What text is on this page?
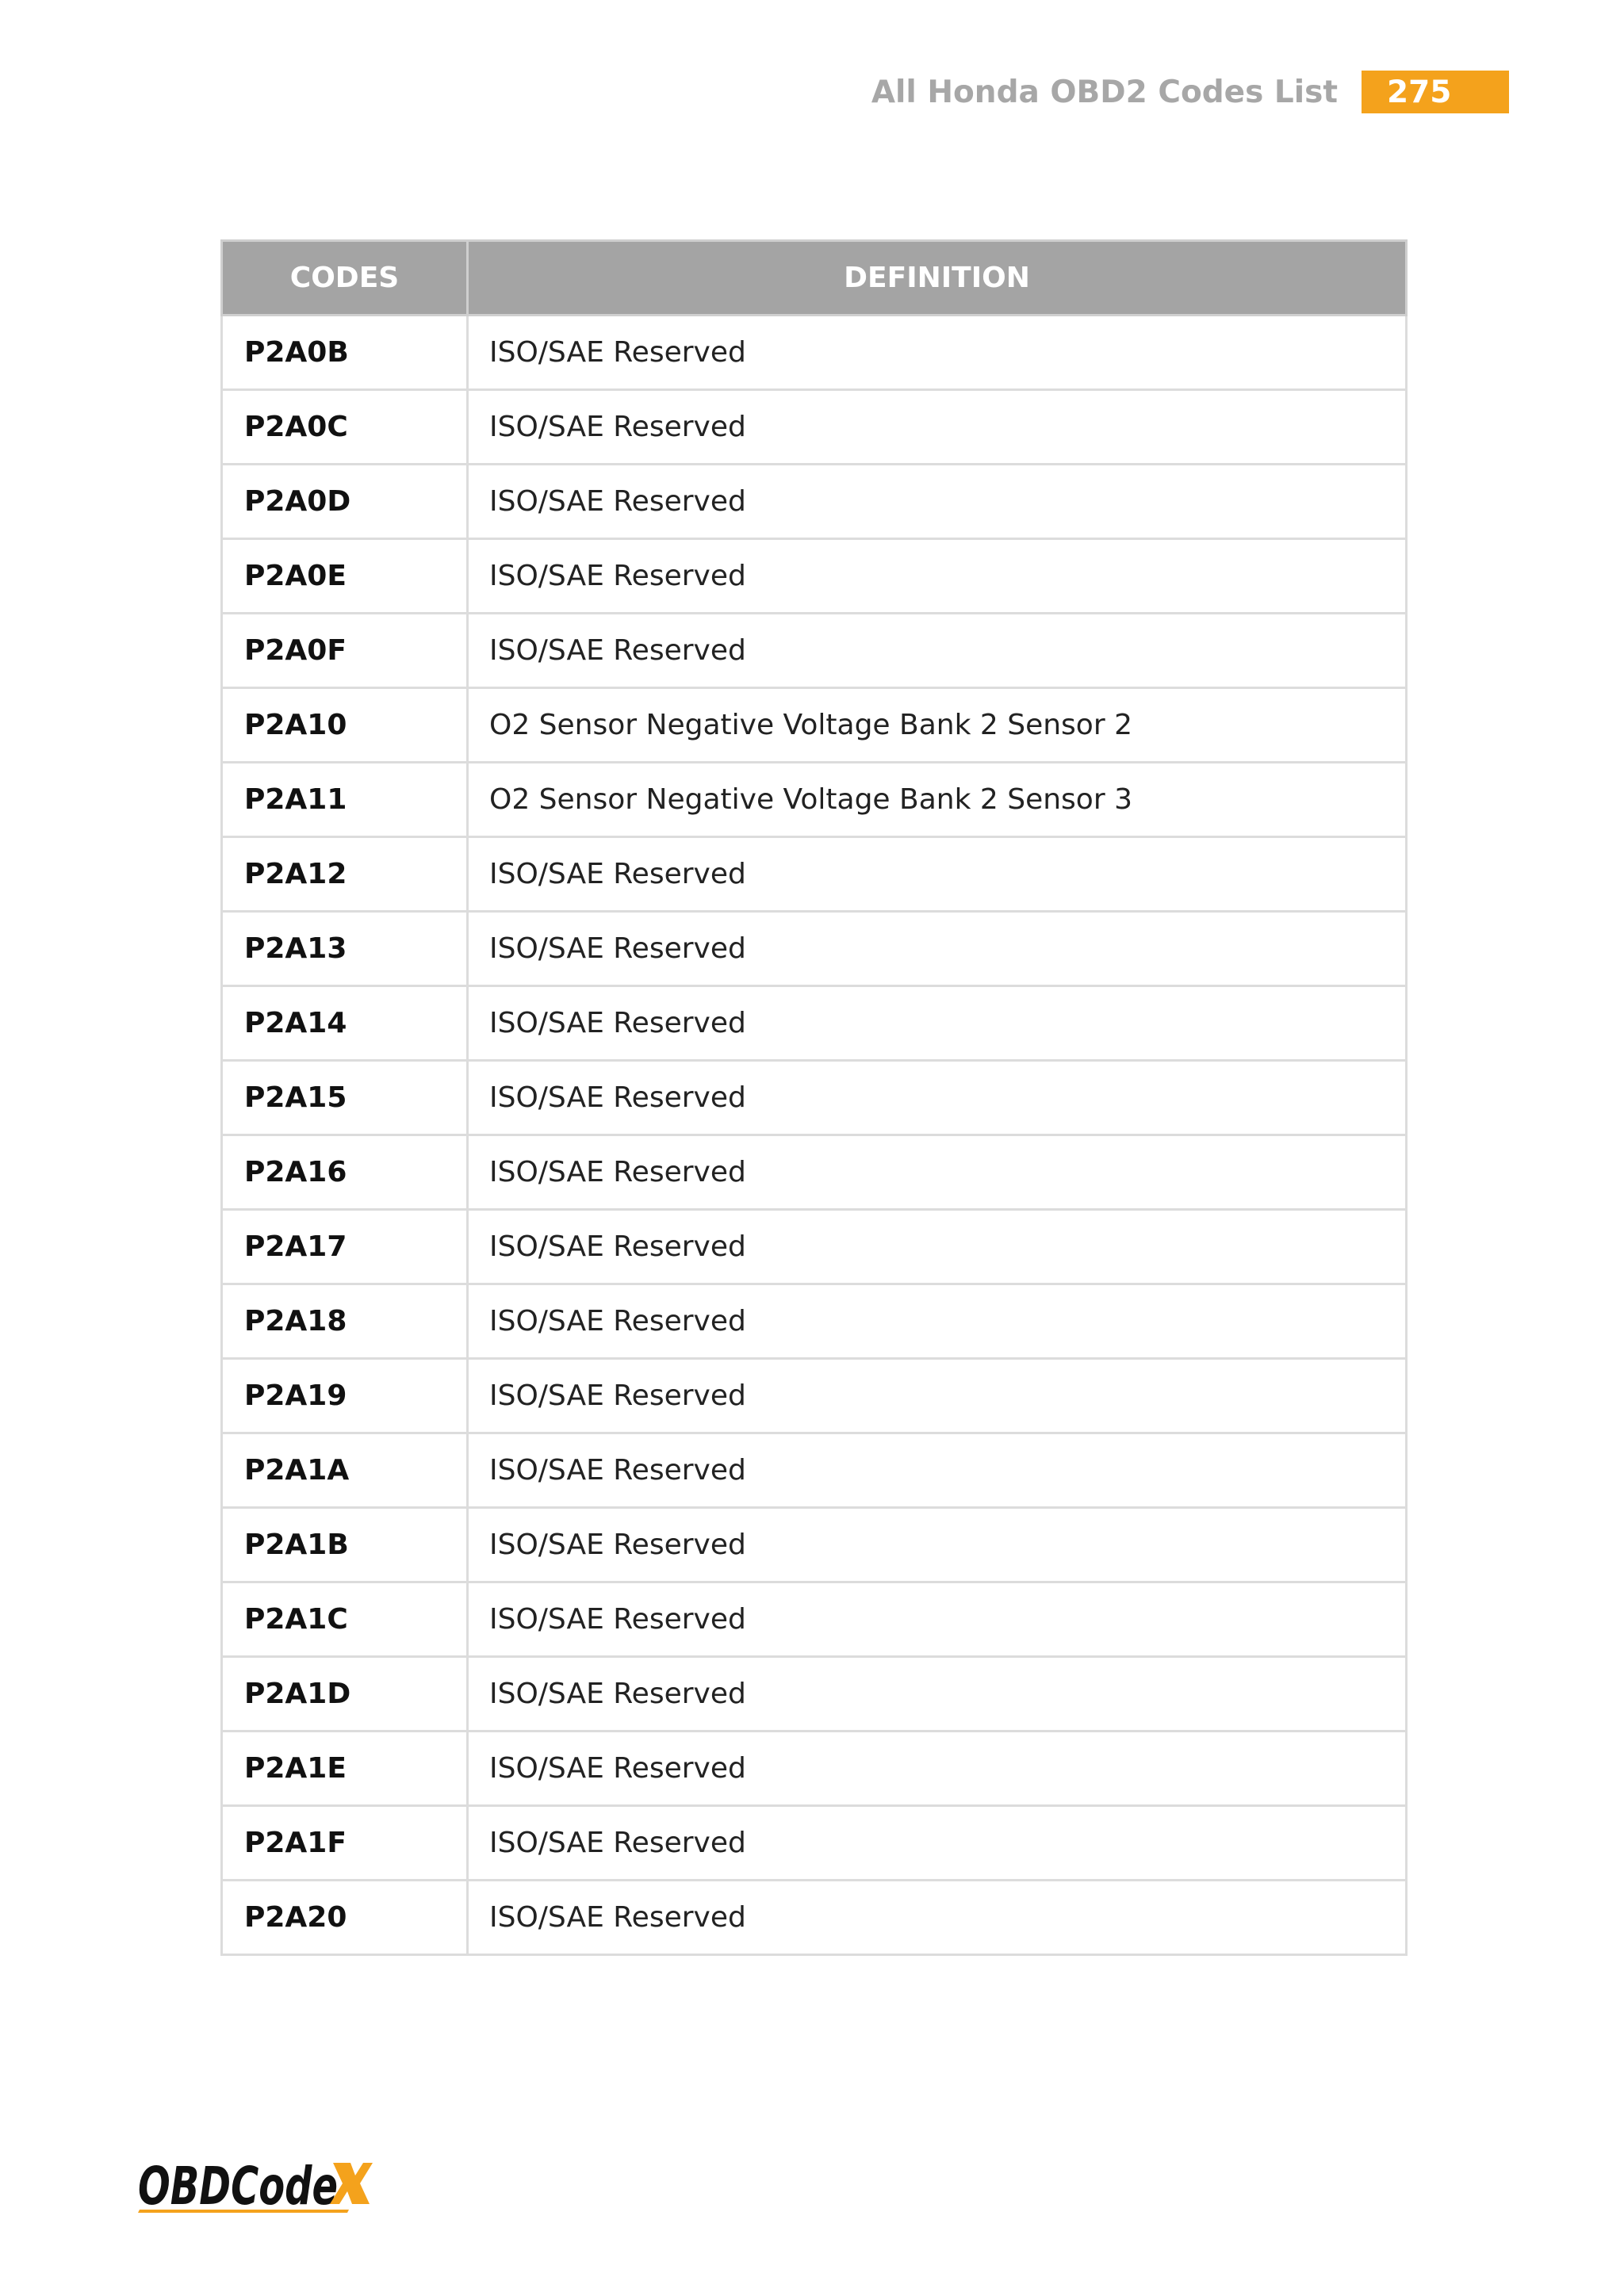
All Honda OBD2 Codes List	275
CODES	DEFINITION
P2A0B	ISO/SAE Reserved
P2A0C	ISO/SAE Reserved
P2A0D	ISO/SAE Reserved
P2A0E	ISO/SAE Reserved
P2A0F	ISO/SAE Reserved
P2A10	O2 Sensor Negative Voltage Bank 2 Sensor 2
P2A11	O2 Sensor Negative Voltage Bank 2 Sensor 3
P2A12	ISO/SAE Reserved
P2A13	ISO/SAE Reserved
P2A14	ISO/SAE Reserved
P2A15	ISO/SAE Reserved
P2A16	ISO/SAE Reserved
P2A17	ISO/SAE Reserved
P2A18	ISO/SAE Reserved
P2A19	ISO/SAE Reserved
P2A1A	ISO/SAE Reserved
P2A1B	ISO/SAE Reserved
P2A1C	ISO/SAE Reserved
P2A1D	ISO/SAE Reserved
P2A1E	ISO/SAE Reserved
P2A1F	ISO/SAE Reserved
P2A20	ISO/SAE Reserved
OBDCode
